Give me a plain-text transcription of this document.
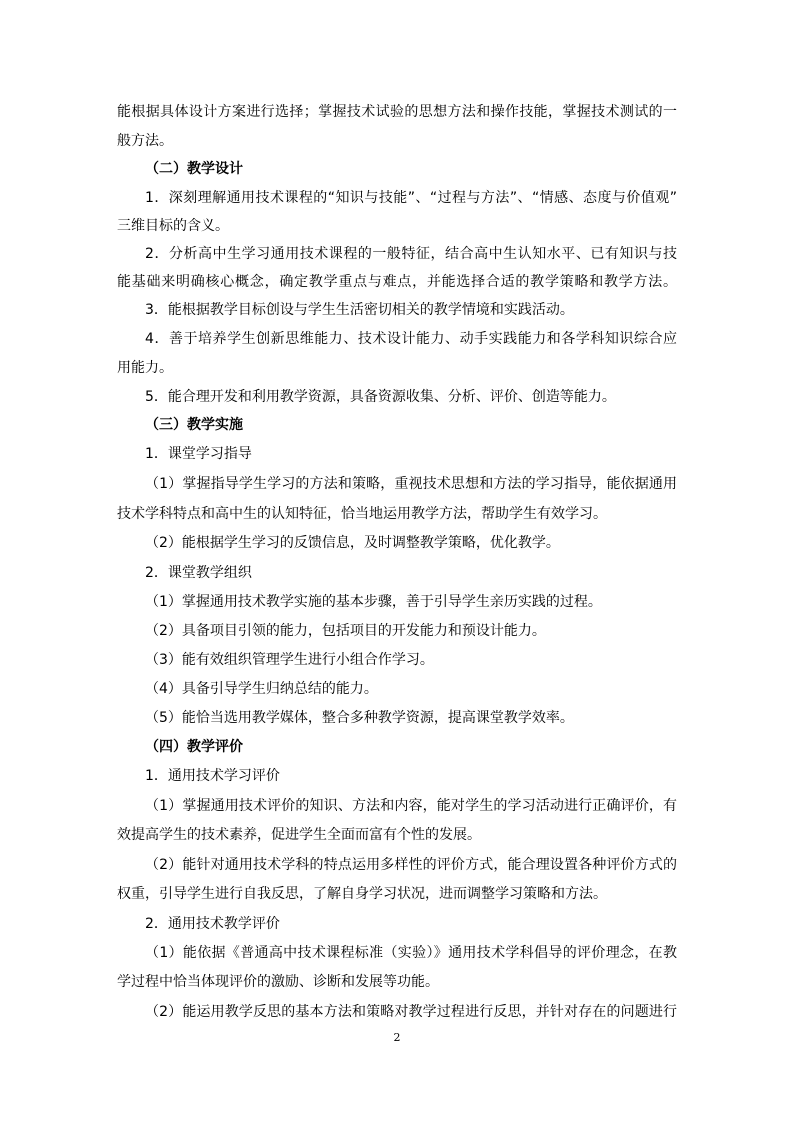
能根据具体设计方案进行选择；掌握技术试验的思想方法和操作技能，掌握技术测试的一
般方法。
（二）教学设计
1．深刻理解通用技术课程的“知识与技能”、“过程与方法”、“情感、态度与价值观”
三维目标的含义。
2．分析高中生学习通用技术课程的一般特征，结合高中生认知水平、已有知识与技
能基础来明确核心概念，确定教学重点与难点，并能选择合适的教学策略和教学方法。
3．能根据教学目标创设与学生生活密切相关的教学情境和实践活动。
4．善于培养学生创新思维能力、技术设计能力、动手实践能力和各学科知识综合应
用能力。
5．能合理开发和利用教学资源，具备资源收集、分析、评价、创造等能力。
（三）教学实施
1．课堂学习指导
（1）掌握指导学生学习的方法和策略，重视技术思想和方法的学习指导，能依据通用
技术学科特点和高中生的认知特征，恰当地运用教学方法，帮助学生有效学习。
（2）能根据学生学习的反馈信息，及时调整教学策略，优化教学。
2．课堂教学组织
（1）掌握通用技术教学实施的基本步骤，善于引导学生亲历实践的过程。
（2）具备项目引领的能力，包括项目的开发能力和预设计能力。
（3）能有效组织管理学生进行小组合作学习。
（4）具备引导学生归纳总结的能力。
（5）能恰当选用教学媒体，整合多种教学资源，提高课堂教学效率。
（四）教学评价
1．通用技术学习评价
（1）掌握通用技术评价的知识、方法和内容，能对学生的学习活动进行正确评价，有
效提高学生的技术素养，促进学生全面而富有个性的发展。
（2）能针对通用技术学科的特点运用多样性的评价方式，能合理设置各种评价方式的
权重，引导学生进行自我反思，了解自身学习状况，进而调整学习策略和方法。
2．通用技术教学评价
（1）能依据《普通高中技术课程标准（实验）》通用技术学科倡导的评价理念，在教
学过程中恰当体现评价的激励、诊断和发展等功能。
（2）能运用教学反思的基本方法和策略对教学过程进行反思，并针对存在的问题进行
2
